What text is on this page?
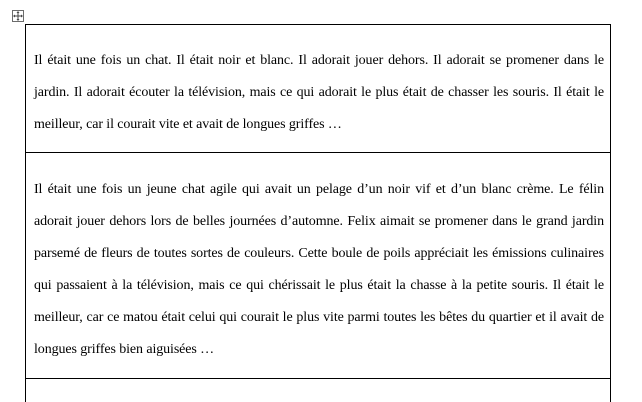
Il était une fois un chat. Il était noir et blanc. Il adorait jouer dehors. Il adorait se promener dans le jardin. Il adorait écouter la télévision, mais ce qui adorait le plus était de chasser les souris. Il était le meilleur, car il courait vite et avait de longues griffes …

Il était une fois un jeune chat agile qui avait un pelage d’un noir vif et d’un blanc crème. Le félin adorait jouer dehors lors de belles journées d’automne. Felix aimait se promener dans le grand jardin parsemé de fleurs de toutes sortes de couleurs. Cette boule de poils appréciait les émissions culinaires qui passaient à la télévision, mais ce qui chérissait le plus était la chasse à la petite souris. Il était le meilleur, car ce matou était celui qui courait le plus vite parmi toutes les bêtes du quartier et il avait de longues griffes bien aiguisées …
